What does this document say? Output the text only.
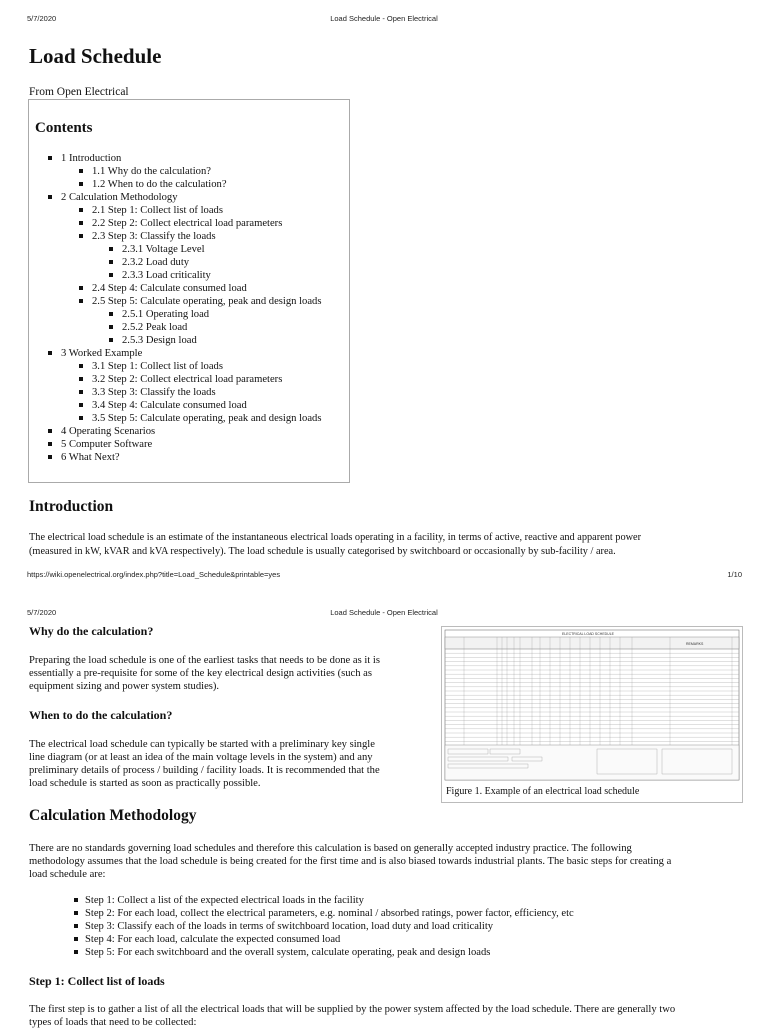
5/7/2020	Load Schedule - Open Electrical
Load Schedule
From Open Electrical
Contents
1 Introduction
1.1 Why do the calculation?
1.2 When to do the calculation?
2 Calculation Methodology
2.1 Step 1: Collect list of loads
2.2 Step 2: Collect electrical load parameters
2.3 Step 3: Classify the loads
2.3.1 Voltage Level
2.3.2 Load duty
2.3.3 Load criticality
2.4 Step 4: Calculate consumed load
2.5 Step 5: Calculate operating, peak and design loads
2.5.1 Operating load
2.5.2 Peak load
2.5.3 Design load
3 Worked Example
3.1 Step 1: Collect list of loads
3.2 Step 2: Collect electrical load parameters
3.3 Step 3: Classify the loads
3.4 Step 4: Calculate consumed load
3.5 Step 5: Calculate operating, peak and design loads
4 Operating Scenarios
5 Computer Software
6 What Next?
Introduction

The electrical load schedule is an estimate of the instantaneous electrical loads operating in a facility, in terms of active, reactive and apparent power

(measured in kW, kVAR and kVA respectively). The load schedule is usually categorised by switchboard or occasionally by sub-facility / area.

https://wiki.openelectrical.org/index.php?title=Load_Schedule&printable=yes	1/10
5/7/2020	Load Schedule - Open Electrical
Why do the calculation?

Preparing the load schedule is one of the earliest tasks that needs to be done as it is

essentially a pre-requisite for some of the key electrical design activities (such as

equipment sizing and power system studies).

When to do the calculation?

The electrical load schedule can typically be started with a preliminary key single

line diagram (or at least an idea of the main voltage levels in the system) and any

preliminary details of process / building / facility loads. It is recommended that the

load schedule is started as soon as practically possible.

ELECTRICAL LOAD SCHEDULE
REMARKS
Figure 1. Example of an electrical load schedule
Calculation Methodology

There are no standards governing load schedules and therefore this calculation is based on generally accepted industry practice. The following

methodology assumes that the load schedule is being created for the first time and is also biased towards industrial plants. The basic steps for creating a

load schedule are:

Step 1: Collect a list of the expected electrical loads in the facility
Step 2: For each load, collect the electrical parameters, e.g. nominal / absorbed ratings, power factor, efficiency, etc
Step 3: Classify each of the loads in terms of switchboard location, load duty and load criticality
Step 4: For each load, calculate the expected consumed load
Step 5: For each switchboard and the overall system, calculate operating, peak and design loads
Step 1: Collect list of loads

The first step is to gather a list of all the electrical loads that will be supplied by the power system affected by the load schedule. There are generally two

types of loads that need to be collected:
